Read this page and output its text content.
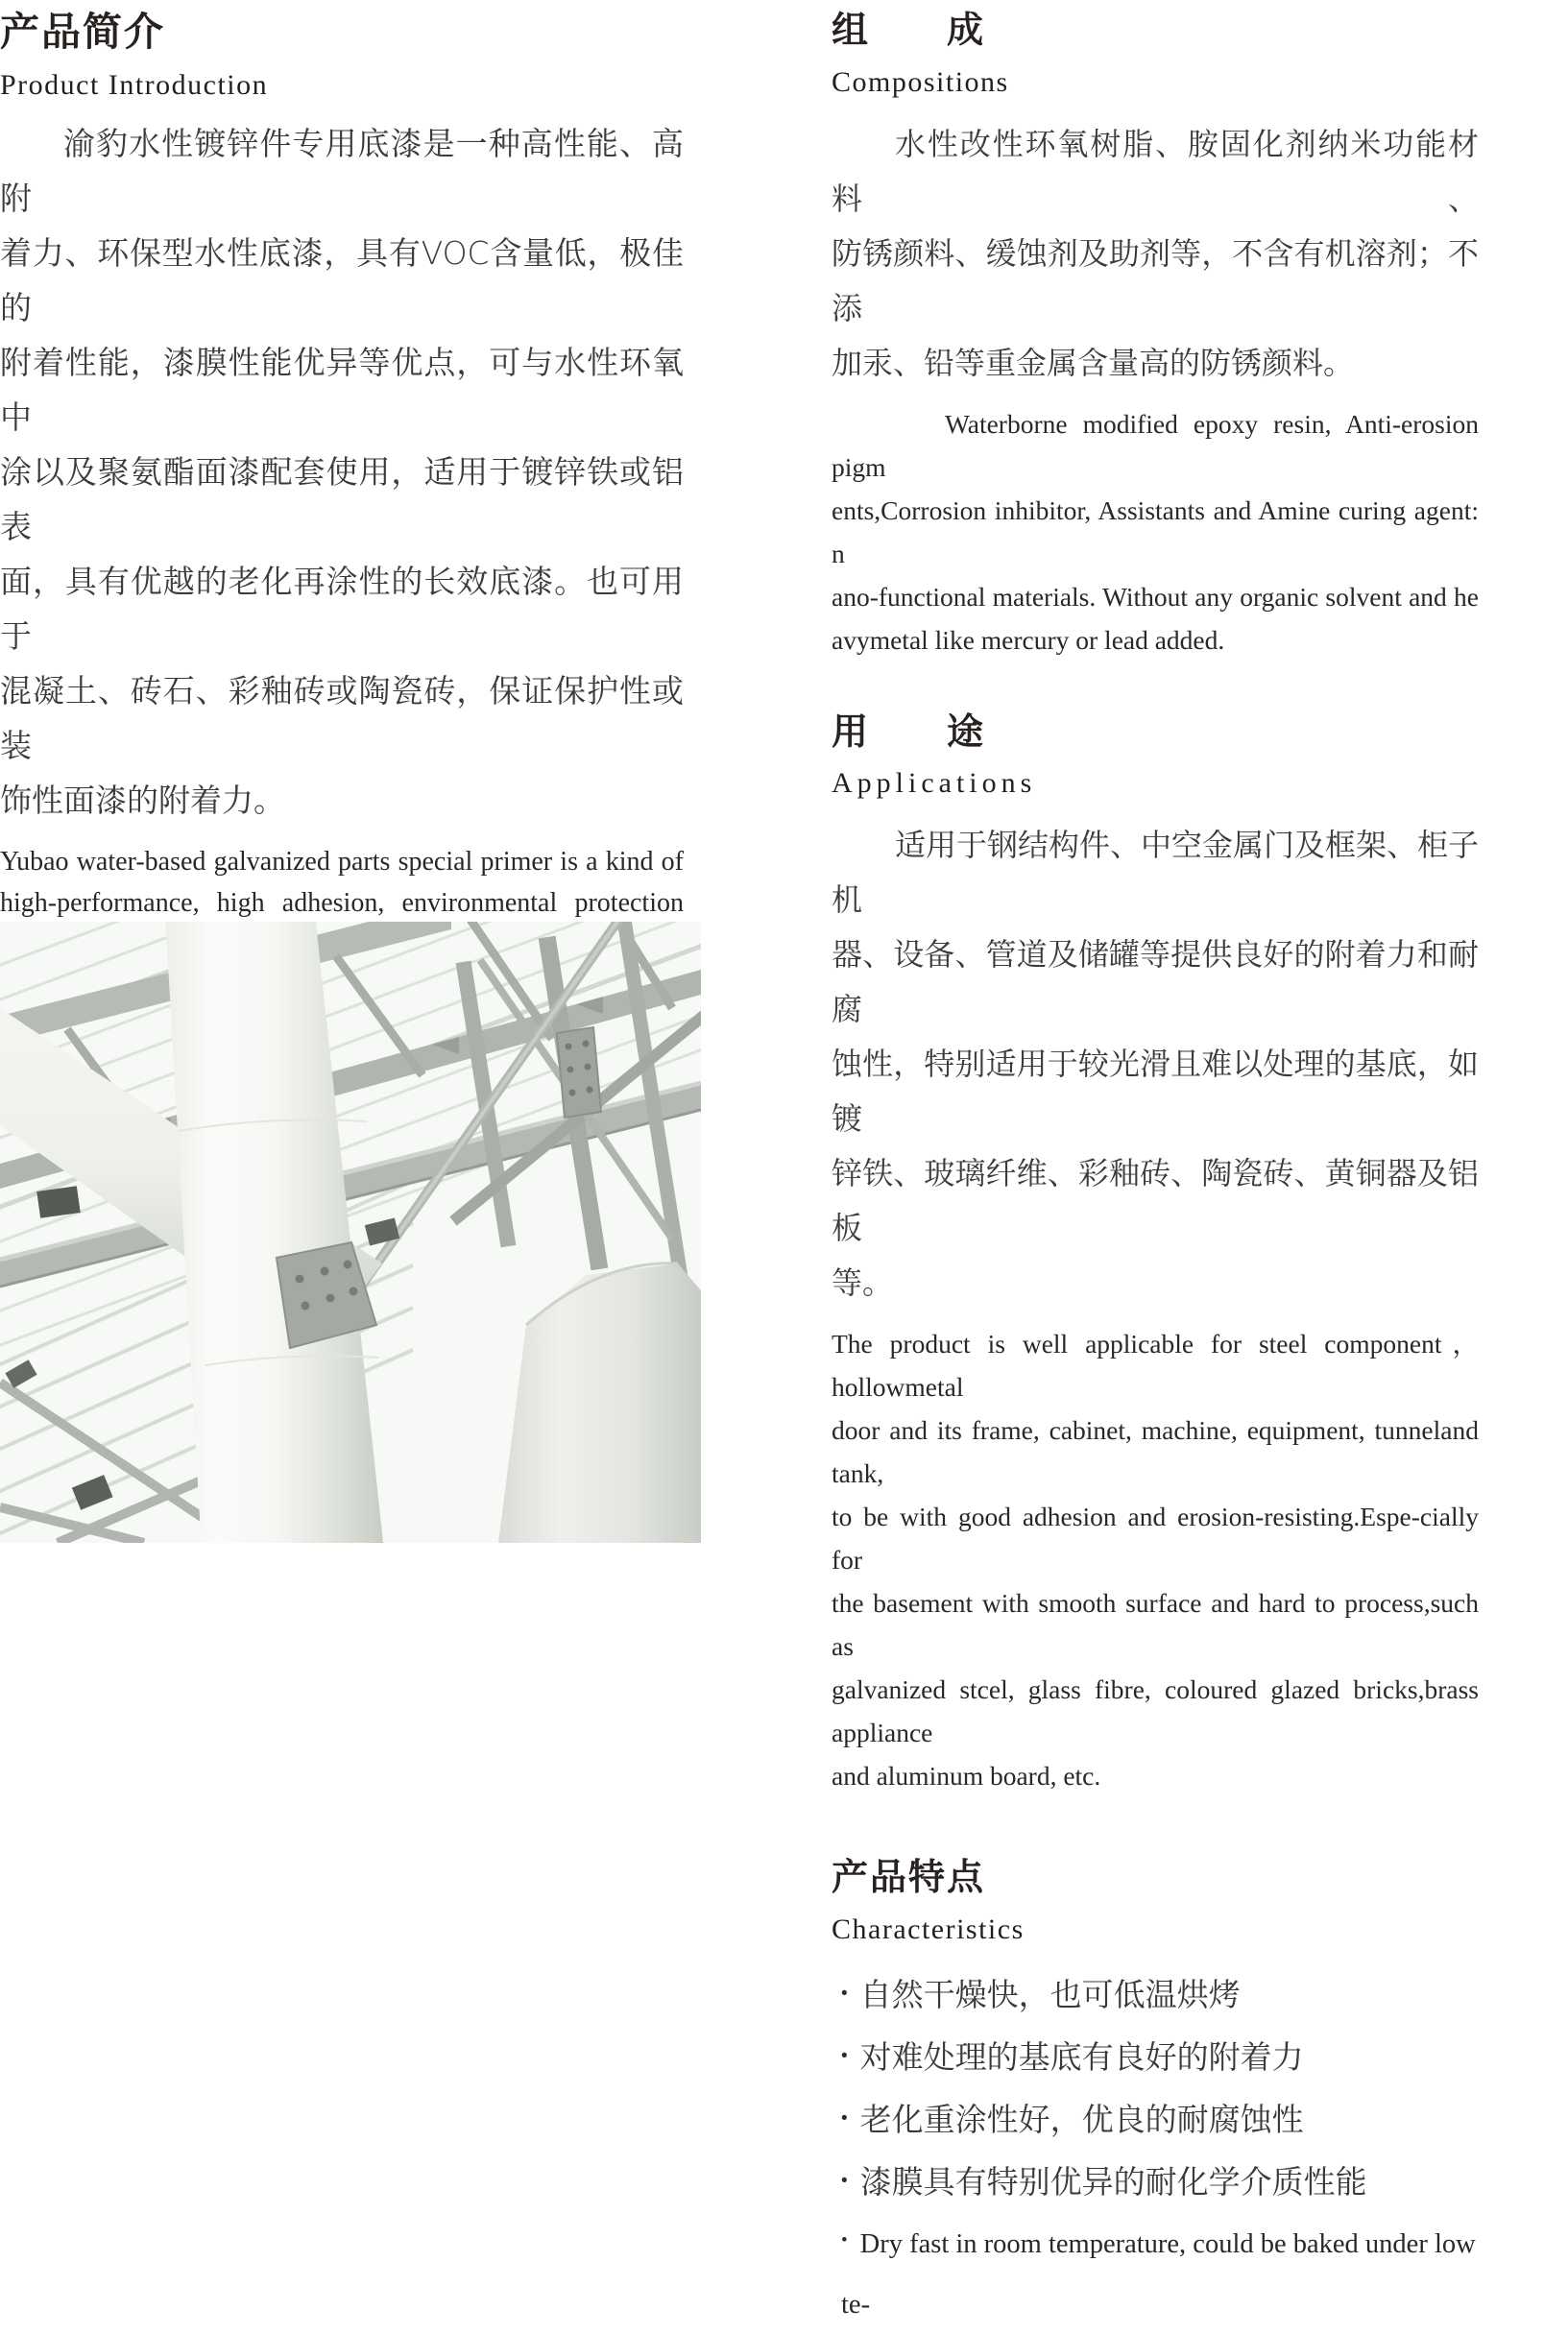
产品简介
Product Introduction
渝豹水性镀锌件专用底漆是一种高性能、高附
着力、环保型水性底漆，具有VOC含量低，极佳的
附着性能，漆膜性能优异等优点，可与水性环氧中
涂以及聚氨酯面漆配套使用，适用于镀锌铁或铝表
面，具有优越的老化再涂性的长效底漆。也可用于
混凝土、砖石、彩釉砖或陶瓷砖，保证保护性或装
饰性面漆的附着力。
Yubao water-based galvanized parts special primer is a kind of
high-performance, high adhesion, environmental protection
组　　成
Compositions
水性改性环氧树脂、胺固化剂纳米功能材料、
防锈颜料、缓蚀剂及助剂等，不含有机溶剂；不添
加汞、铅等重金属含量高的防锈颜料。
Waterborne modified epoxy resin, Anti-erosion pigm
ents,Corrosion inhibitor, Assistants and Amine curing agent: n
ano-functional materials. Without any organic solvent and he
avymetal like mercury or lead added.
用　　途
Applications
适用于钢结构件、中空金属门及框架、柜子机
器、设备、管道及储罐等提供良好的附着力和耐腐
蚀性，特别适用于较光滑且难以处理的基底，如镀
锌铁、玻璃纤维、彩釉砖、陶瓷砖、黄铜器及铝板
等。
The product is well applicable for steel component， hollowmetal
door and its frame, cabinet, machine, equipment, tunneland tank,
to be with good adhesion and erosion-resisting.Espe-cially for
the basement with smooth surface and hard to process,such as
galvanized stcel, glass fibre, coloured glazed bricks,brass appliance
and aluminum board, etc.
产品特点
Characteristics
• 自然干燥快，也可低温烘烤
• 对难处理的基底有良好的附着力
• 老化重涂性好，优良的耐腐蚀性
• 漆膜具有特别优异的耐化学介质性能
• Dry fast in room temperature, could be baked under low te-
